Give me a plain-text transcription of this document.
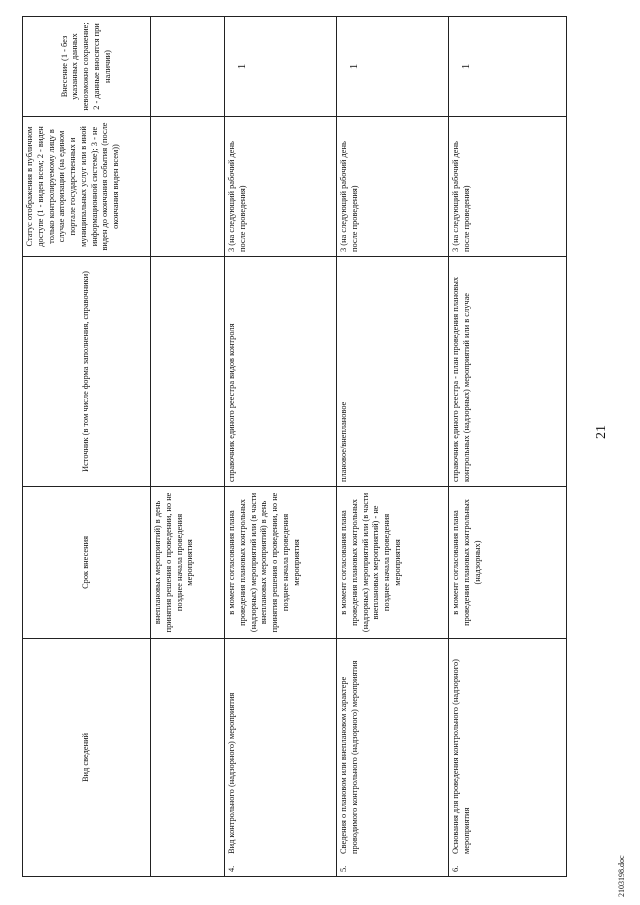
21
Вид сведений	Срок внесения	Источник (в том числе форма заполнения, справочники)	Статус отображения в публичном доступе (1 - виден всем; 2 - виден только контролируемому лицу в случае авторизации (на едином портале государственных и муниципальных услуг или в иной информационной системе); 3 - не виден до окончания события (после окончания виден всем))	Внесение (1 - без указанных данных невозможно сохранение; 2 - данные вносятся при наличии)
	внеплановых мероприятий) в день принятия решения о проведении, но не позднее начала проведения мероприятия			
4.Вид контрольного (надзорного) мероприятия	в момент согласования плана проведения плановых контрольных (надзорных) мероприятий или (в части внеплановых мероприятий) в день принятия решения о проведении, но не позднее начала проведения мероприятия	справочник единого реестра видов контроля	3 (на следующий рабочий день после проведения)	1

5.Сведения о плановом или внеплановом характере проводимого контрольного (надзорного) мероприятия	в момент согласования плана проведения плановых контрольных (надзорных) мероприятий или (в части внеплановых мероприятий) - не позднее начала проведения мероприятия	плановое/внеплановое	3 (на следующий рабочий день после проведения)	1

6.Основания для проведения контрольного (надзорного) мероприятия	в момент согласования плана проведения плановых контрольных (надзорных)	справочник единого реестра - план проведения плановых контрольных (надзорных) мероприятий или в случае	3 (на следующий рабочий день после проведения)	1
2103198.doc
